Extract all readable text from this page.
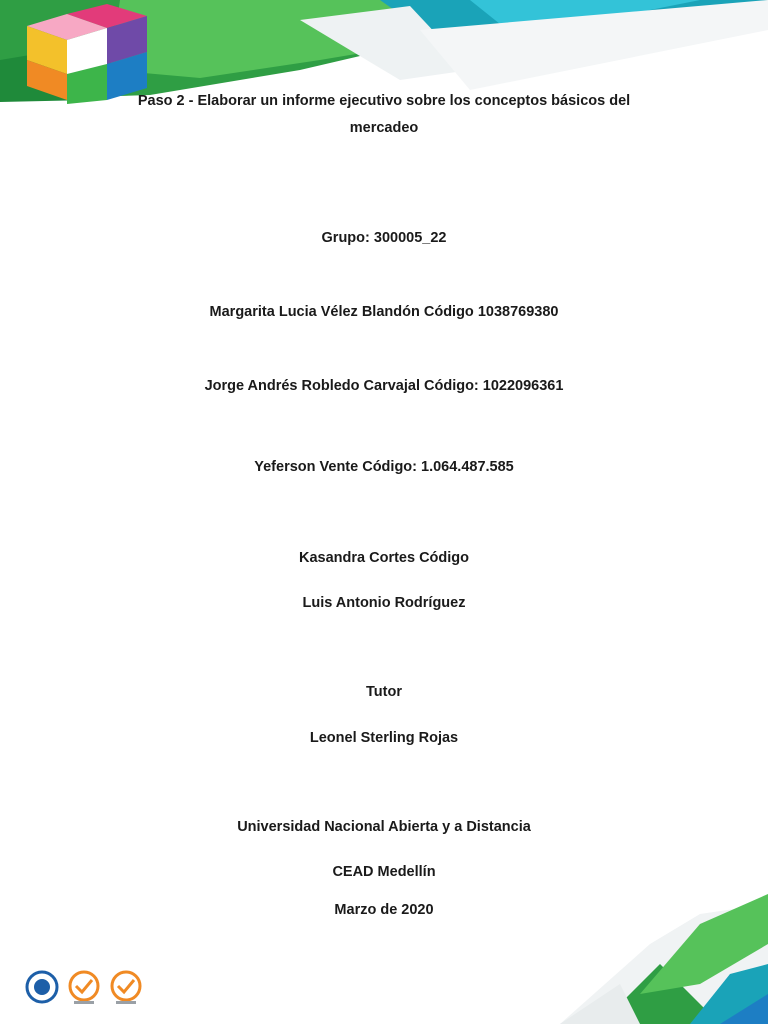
Paso 2 - Elaborar un informe ejecutivo sobre los conceptos básicos del mercadeo
Grupo: 300005_22
Margarita Lucia Vélez Blandón Código 1038769380
Jorge Andrés Robledo Carvajal Código: 1022096361
Yeferson Vente Código: 1.064.487.585
Kasandra Cortes Código
Luis Antonio Rodríguez
Tutor
Leonel Sterling Rojas
Universidad Nacional Abierta y a Distancia
CEAD Medellín
Marzo de 2020
